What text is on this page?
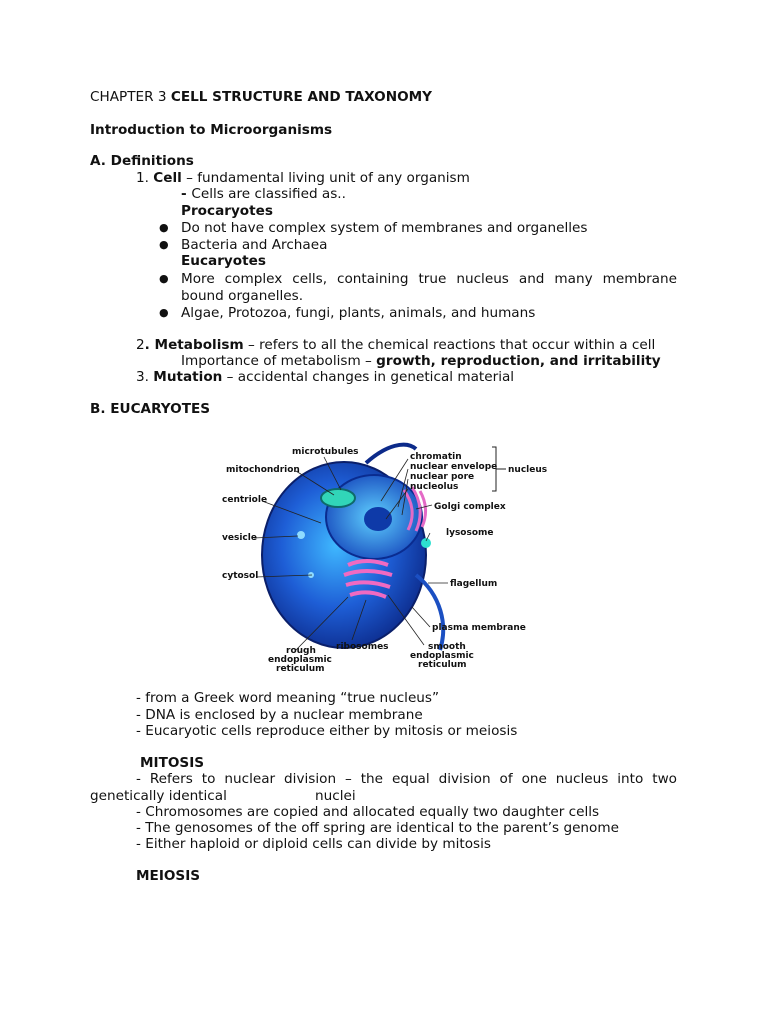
CHAPTER 3 CELL STRUCTURE AND TAXONOMY
Introduction to Microorganisms
A. Definitions
1. Cell – fundamental living unit of any organism
- Cells are classified as..
Procaryotes
● Do not have complex system of membranes and organelles
● Bacteria and Archaea
Eucaryotes
● More complex cells, containing true nucleus and many membrane
bound organelles.
● Algae, Protozoa, fungi, plants, animals, and humans
2. Metabolism – refers to all the chemical reactions that occur within a cell
Importance of metabolism – growth, reproduction, and irritability
3. Mutation – accidental changes in genetical material
B. EUCARYOTES
microtubules
mitochondrion
centriole
vesicle
cytosol
chromatin
nuclear envelope
nuclear pore
nucleolus
nucleus
Golgi complex
lysosome
flagellum
plasma membrane
rough
endoplasmic
reticulum
ribosomes	smooth
endoplasmic
reticulum
- from a Greek word meaning “true nucleus”
- DNA is enclosed by a nuclear membrane
- Eucaryotic cells reproduce either by mitosis or meiosis
MITOSIS
- Refers to nuclear division – the equal division of one nucleus into two
genetically identical	nuclei
- Chromosomes are copied and allocated equally two daughter cells
- The genosomes of the off spring are identical to the parent’s genome
- Either haploid or diploid cells can divide by mitosis
MEIOSIS
